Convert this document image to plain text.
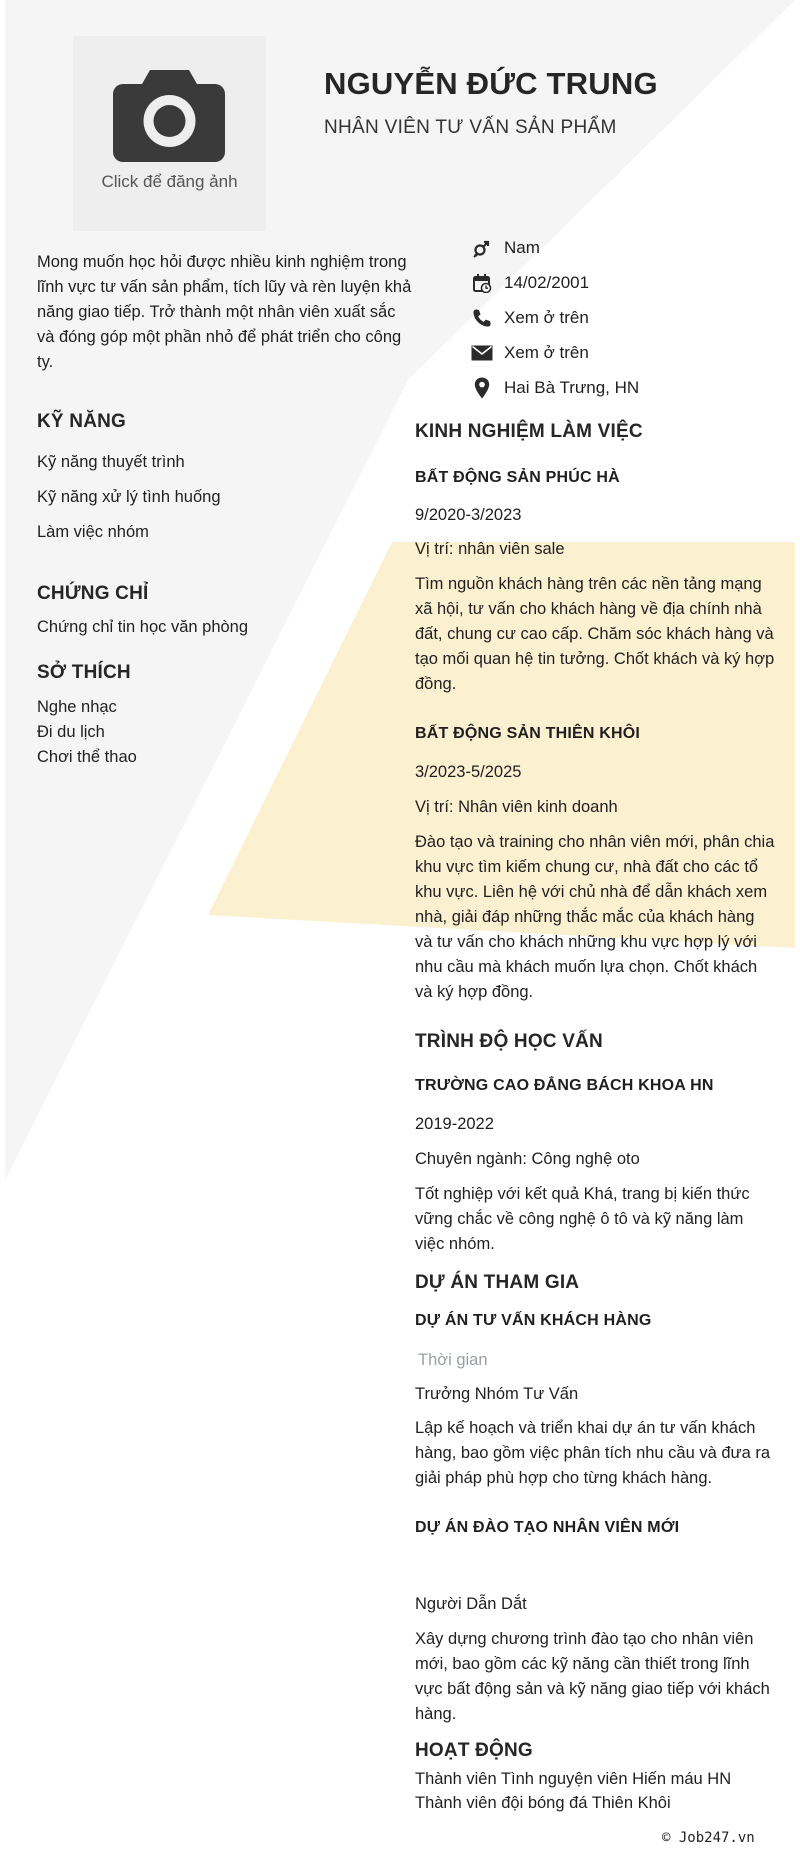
Click để đăng ảnh
NGUYỄN ĐỨC TRUNG
NHÂN VIÊN TƯ VẤN SẢN PHẨM
Mong muốn học hỏi được nhiều kinh nghiệm trong lĩnh vực tư vấn sản phẩm, tích lũy và rèn luyện khả năng giao tiếp. Trở thành một nhân viên xuất sắc và đóng góp một phần nhỏ để phát triển cho công ty.
Nam
14/02/2001
Xem ở trên
Xem ở trên
Hai Bà Trưng, HN
KỸ NĂNG
Kỹ năng thuyết trình
Kỹ năng xử lý tình huống
Làm việc nhóm
CHỨNG CHỈ
Chứng chỉ tin học văn phòng
SỞ THÍCH
Nghe nhạc
Đi du lịch
Chơi thể thao
KINH NGHIỆM LÀM VIỆC
BẤT ĐỘNG SẢN PHÚC HÀ
9/2020-3/2023
Vị trí: nhân viên sale
Tìm nguồn khách hàng trên các nền tảng mạng xã hội, tư vấn cho khách hàng về địa chính nhà đất, chung cư cao cấp. Chăm sóc khách hàng và tạo mối quan hệ tin tưởng. Chốt khách và ký hợp đồng.
BẤT ĐỘNG SẢN THIÊN KHÔI
3/2023-5/2025
Vị trí: Nhân viên kinh doanh
Đào tạo và training cho nhân viên mới, phân chia khu vực tìm kiếm chung cư, nhà đất cho các tổ khu vực. Liên hệ với chủ nhà để dẫn khách xem nhà, giải đáp những thắc mắc của khách hàng và tư vấn cho khách những khu vực hợp lý với nhu cầu mà khách muốn lựa chọn. Chốt khách và ký hợp đồng.
TRÌNH ĐỘ HỌC VẤN
TRƯỜNG CAO ĐẲNG BÁCH KHOA HN
2019-2022
Chuyên ngành: Công nghệ oto
Tốt nghiệp với kết quả Khá, trang bị kiến thức vững chắc về công nghệ ô tô và kỹ năng làm việc nhóm.
DỰ ÁN THAM GIA
DỰ ÁN TƯ VẤN KHÁCH HÀNG
Thời gian
Trưởng Nhóm Tư Vấn
Lập kế hoạch và triển khai dự án tư vấn khách hàng, bao gồm việc phân tích nhu cầu và đưa ra giải pháp phù hợp cho từng khách hàng.
DỰ ÁN ĐÀO TẠO NHÂN VIÊN MỚI
Người Dẫn Dắt
Xây dựng chương trình đào tạo cho nhân viên mới, bao gồm các kỹ năng cần thiết trong lĩnh vực bất động sản và kỹ năng giao tiếp với khách hàng.
HOẠT ĐỘNG
Thành viên Tình nguyện viên Hiến máu HN
Thành viên đội bóng đá Thiên Khôi
© Job247.vn
